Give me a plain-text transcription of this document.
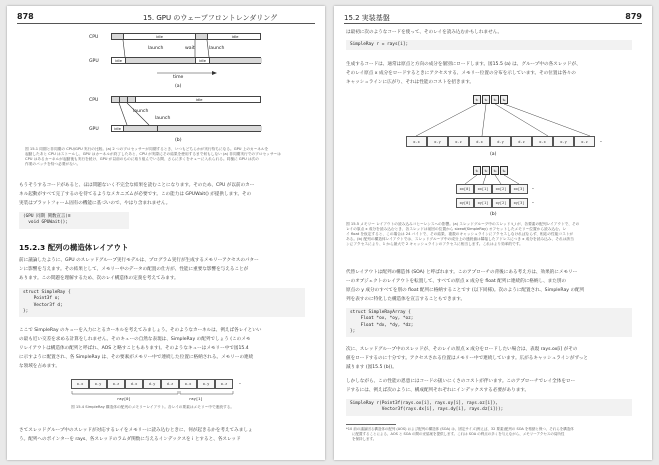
878	15. GPU のウェーブフロントレンダリング
CPU	idle	idle
launch	wait	launch
GPU	idle	idle
time
(a)
CPU	idle
launch
launch
GPU	idle
(b)
図 15.1 同期と非同期の CPU/GPU 実行の比較。(a) 2 つのプロセッサーが同期するとき、いつもどちらかが実行待ちになる。GPU 上のカーネルを
起動したあと CPU はストールし、GPU はカーネルが終了したあと、CPU が実際にその結果を使用するまで何もしない (a) 非同期実行でのプロセッサーは
CPU はあるカーネルが起動後も実行を続け、GPU が以前のものに取り組んでいる間、さらに多くをキューに入れられる。同様に GPU は次の
作業のバッチを待つ必要がない。
もうそうするコードがあると、ほは問題ないく不完全な結果を読むことになります。そのため、CPU が以前のカー
ネル起動がすべて完了するのを待てるようなメカニズムが必要です。この能力は GPUWait() が提供します。その
実装はプラットフォーム固有の機能に基づいので、やはり含まれません。
⟨GPU 同期 関数宣言⟩≡
void GPUWait();
15.2.3 配列の構造体レイアウト
前に議論したように、GPU のスレッドグループ実行モデルは、プログラム実行が生成するメモリーアクセスのパター
ンに影響を与えます。その結果として、メモリー中のデータの配置の仕方が、性能に重要な影響を与えることが
あります。この問題を理解するため、次のレイ構造体の定義を考えてみます。
struct SimpleRay {
Point3f o;
Vector3f d;
};
ここで SimpleRay のキューを入力にとるカーネルを考えてみましょう。そのようなカーネルは、例えば各レイといい
の最も近い交差を求める計算をしれません。そのキューの自然な表現は、SimpleRay の配列でしょう (このメモ
リレイアウトは構造体の配列と呼ばれ、AOS と略すこともあります)。そのようなキューはメモリー中で図15.4
に示すように配置され、各 SimpleRay は、その要素がメモリー中で連続した位置に格納される。メモリーの連続
な領域を占めます。
o.x	o.y	o.z	d.x	d.y	d.z	o.x	o.y	o.z	…
ray[0]	ray[1]
図 15.4 SimpleRay 構造体の配列のメモリーレイアウト。各レイの要素はメモリー中で連続する。
さてスレッドグループ中のスレッドが対応するレイをメモリーに読み込むときに、何が起きるかを考えてみましょ
う。配列へのポインターを rays、各スレッドのラムダ関数に与えるインデックスを i とすると、各スレッド
15.2 実装基盤	879
は最初に次のようなコードを使って、そのレイを読み込むかもしれません。
SimpleRay r = rays[i];
生成するコードは、通常は原点と方向の成分を個別にロードします。図15.5 (a) は、グループ中の各スレッドが、
そのレイ原点 x 成分をロードするときにアクセスする、メモリー位置の分布を示しています。その位置は各々の
キャッシュラインに広がり、それは性能のコストを招きます。
t₁	t₂	t₃	t₄
o.x	o.y	o.z	d.x	d.y	d.z	o.x	o.y	o.z	…
(a)
t₁	t₂	t₃	t₄
ox[0]	ox[1]	ox[2]	ox[3]	…
oy[0]	oy[1]	oy[2]	oy[3]	…
(b)
図 15.5 メモリー レイアウトの読み込みコヒーレンスへの影響。(a) スレッドグループ中のスレッド t_i が、各要素の配列レイアウトで、その
レイの原点 x 成分を読み込むとき、各スレッドは前回の位置から sizeof(SimpleRay) オフセットしたメモリー位置から読み込む。レ
イ float を仮定すると、この場合は 24 バイトで、その結果、複数のキャッシュラインにアクセスしなければならず、相応の性能コストが
ある。(b) 配列の構造体レイアウトでは、スレッドグループ中の成分上の連続値は隣接したアドレスにつき x 成分を読み込み、それは該当
ンにアクセスにより、1 から最大で 2 キャッシュラインのアクセスに相当します。これはより効率的です。
代替レイアウトは配列の構造体 (SOA) と呼ばれます。このアプローチの背後にある考え方は、効果的にメモリー
ーのオブジェクトのレイアウトを転置して、すべての原点 x 成分を float 配列に連続的に格納し、また別の
原点の y 成分のすべてを別の float 配列に格納することです (以下同様)。次のように配置され、SimpleRay の配列
列を表すのに特化した構造体を宣言することもできます。
struct SimpleRayArray {
Float *ox, *oy, *oz;
Float *dx, *dy, *dz;
};
次に、スレッドグループ中のスレッドが、そのレイの原点 x 成分をロードしたい場合は、表現 rays.ox[i] がその
値をロードするのに十分です。アクセスされる位置はメモリー中で連続しています。広がるキャッシュラインがずっと
減ります (図15.5 (b))。
しかしながら、この性能の恩恵にはコードの扱いにくさのコストが伴います。このアプローチでレイ全体をロー
ドするには、例えば次のように、構成配列それぞれにインデックスする必要があります。
SimpleRay r(Point3f(rays.ox[i], rays.oy[i], rays.oz[i]),
Vector3f(rays.dx[i], rays.dy[i], rays.dz[i]));
*10 前の議論因る構造体の配列 (AOS) および配列の構造体 (SOA) は、固定サイズ(例えば、32 要素)配列の SOA を格納と保つ、それらを構造体
に配置することによる、AOS と SOA の間の妥協案を提供します。これは SOA の利点の多くを与えながら、メモリーアクセスの局所性
を保持します。
